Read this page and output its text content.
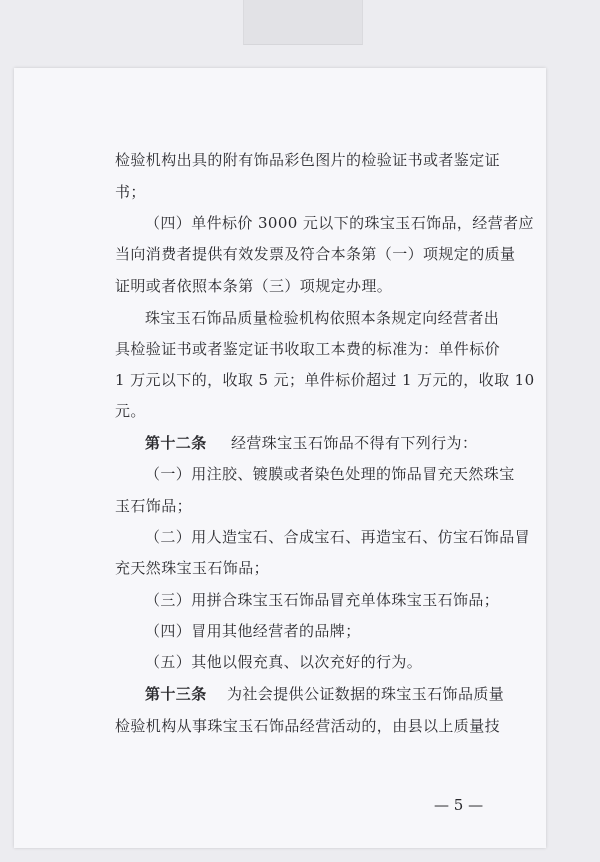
检验机构出具的附有饰品彩色图片的检验证书或者鉴定证
书；
（四）单件标价 3000 元以下的珠宝玉石饰品，经营者应
当向消费者提供有效发票及符合本条第（一）项规定的质量
证明或者依照本条第（三）项规定办理。
珠宝玉石饰品质量检验机构依照本条规定向经营者出
具检验证书或者鉴定证书收取工本费的标准为：单件标价
1 万元以下的，收取 5 元；单件标价超过 1 万元的，收取 10
元。
第十二条 经营珠宝玉石饰品不得有下列行为：
（一）用注胶、镀膜或者染色处理的饰品冒充天然珠宝
玉石饰品；
（二）用人造宝石、合成宝石、再造宝石、仿宝石饰品冒
充天然珠宝玉石饰品；
（三）用拼合珠宝玉石饰品冒充单体珠宝玉石饰品；
（四）冒用其他经营者的品牌；
（五）其他以假充真、以次充好的行为。
第十三条 为社会提供公证数据的珠宝玉石饰品质量
检验机构从事珠宝玉石饰品经营活动的，由县以上质量技
— 5 —
